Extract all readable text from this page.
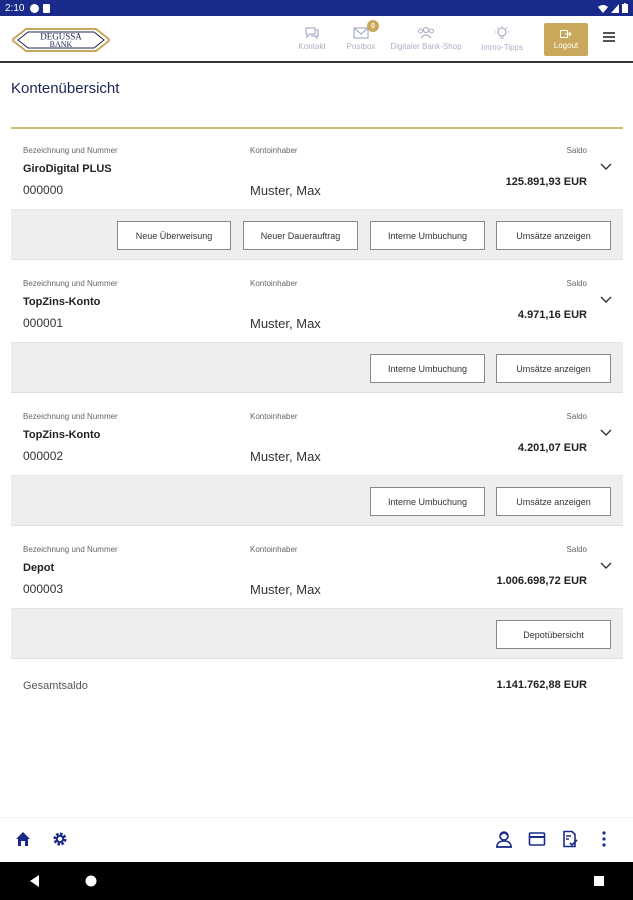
2:10
DEGUSSA
BANK	Kontakt	Postbox
0
Digitaler Bank-Shop Immo-Tipps	Logout
Kontenübersicht
Bezeichnung und Nummer	Kontoinhaber	Saldo
GiroDigital PLUS
000000	Muster, Max
125.891,93 EUR
Neue Überweisung	Neuer Dauerauftrag	Interne Umbuchung	Umsätze anzeigen
Bezeichnung und Nummer	Kontoinhaber	Saldo
TopZins-Konto
000001	Muster, Max
4.971,16 EUR
Interne Umbuchung	Umsätze anzeigen
Bezeichnung und Nummer	Kontoinhaber	Saldo
TopZins-Konto
000002	Muster, Max
4.201,07 EUR
Interne Umbuchung	Umsätze anzeigen
Bezeichnung und Nummer	Kontoinhaber	Saldo
Depot
000003	Muster, Max
1.006.698,72 EUR
Depotübersicht
Gesamtsaldo	1.141.762,88 EUR
